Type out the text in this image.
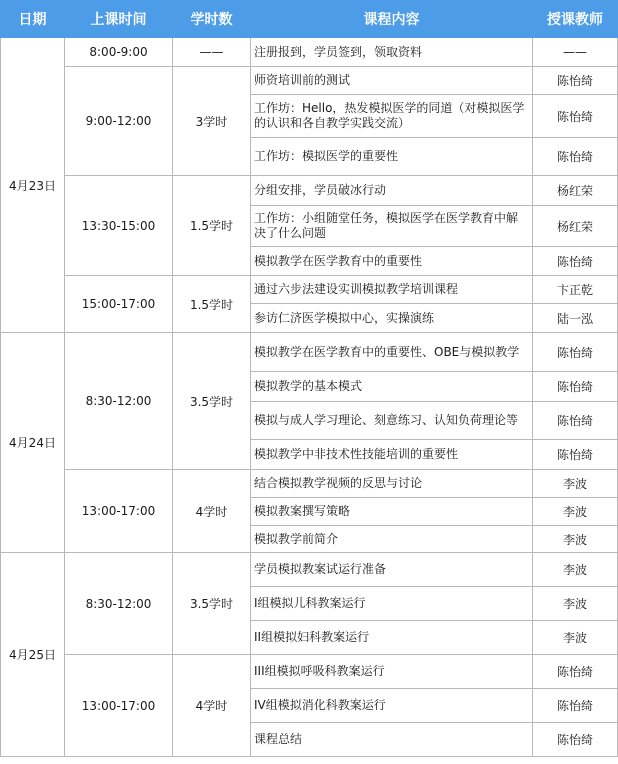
日期	上课时间	学时数	课程内容	授课教师
4月23日	8:00-9:00	——	注册报到，学员签到，领取资料	——
	9:00-12:00	3学时	师资培训前的测试	陈怡绮
			工作坊：Hello，热发模拟医学的同道（对模拟医学的认识和各自教学实践交流）	陈怡绮
			工作坊：模拟医学的重要性	陈怡绮
	13:30-15:00	1.5学时	分组安排，学员破冰行动	杨红荣
			工作坊：小组随堂任务，模拟医学在医学教育中解决了什么问题	杨红荣
			模拟教学在医学教育中的重要性	陈怡绮
	15:00-17:00	1.5学时	通过六步法建设实训模拟教学培训课程	卞正乾
			参访仁济医学模拟中心，实操演练	陆一泓
4月24日	8:30-12:00	3.5学时	模拟教学在医学教育中的重要性、OBE与模拟教学	陈怡绮
			模拟教学的基本模式	陈怡绮
			模拟与成人学习理论、刻意练习、认知负荷理论等	陈怡绮
			模拟教学中非技术性技能培训的重要性	陈怡绮
	13:00-17:00	4学时	结合模拟教学视频的反思与讨论	李波
			模拟教案撰写策略	李波
			模拟教学前简介	李波
4月25日	8:30-12:00	3.5学时	学员模拟教案试运行准备	李波
			I组模拟儿科教案运行	李波
			II组模拟妇科教案运行	李波
	13:00-17:00	4学时	III组模拟呼吸科教案运行	陈怡绮
			IV组模拟消化科教案运行	陈怡绮
			课程总结	陈怡绮
